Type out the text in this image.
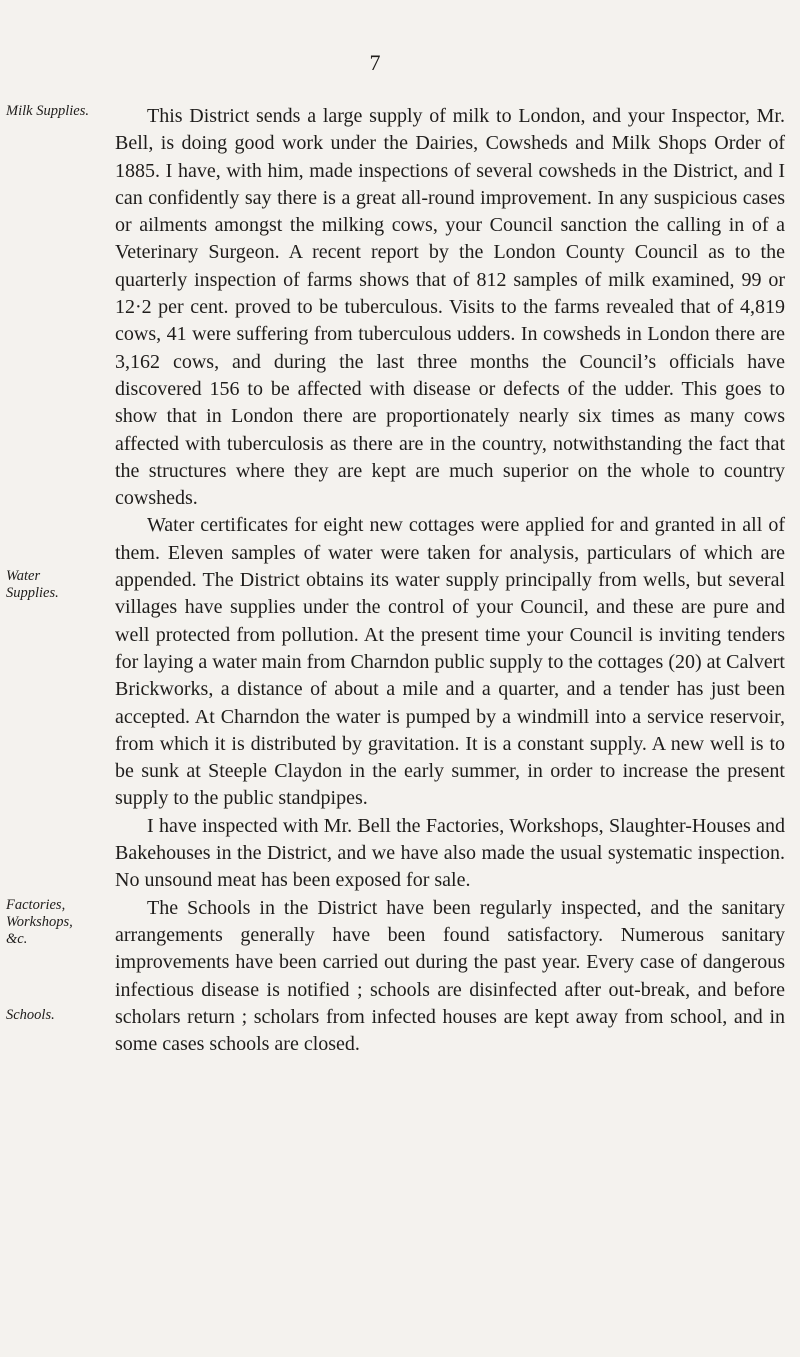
7
Milk Supplies.
Water Supplies.
Factories, Workshops, &c.
Schools.

This District sends a large supply of milk to London, and your Inspector, Mr. Bell, is doing good work under the Dairies, Cowsheds and Milk Shops Order of 1885. I have, with him, made inspections of several cowsheds in the District, and I can confidently say there is a great all-round improvement. In any suspicious cases or ailments amongst the milking cows, your Council sanction the calling in of a Veterinary Surgeon. A recent report by the London County Council as to the quarterly inspection of farms shows that of 812 samples of milk examined, 99 or 12·2 per cent. proved to be tuberculous. Visits to the farms revealed that of 4,819 cows, 41 were suffering from tuberculous udders. In cowsheds in London there are 3,162 cows, and during the last three months the Council’s officials have discovered 156 to be affected with disease or defects of the udder. This goes to show that in London there are proportionately nearly six times as many cows affected with tuberculosis as there are in the country, notwithstanding the fact that the structures where they are kept are much superior on the whole to country cowsheds.

Water certificates for eight new cottages were applied for and granted in all of them. Eleven samples of water were taken for analysis, particulars of which are appended. The District obtains its water supply principally from wells, but several villages have supplies under the control of your Council, and these are pure and well protected from pollution. At the present time your Council is inviting tenders for laying a water main from Charndon public supply to the cottages (20) at Calvert Brickworks, a distance of about a mile and a quarter, and a tender has just been accepted. At Charndon the water is pumped by a windmill into a service reservoir, from which it is distributed by gravitation. It is a constant supply. A new well is to be sunk at Steeple Claydon in the early summer, in order to increase the present supply to the public standpipes.

I have inspected with Mr. Bell the Factories, Workshops, Slaughter-Houses and Bakehouses in the District, and we have also made the usual systematic inspection. No unsound meat has been exposed for sale.

The Schools in the District have been regularly inspected, and the sanitary arrangements generally have been found satisfactory. Numerous sanitary improvements have been carried out during the past year. Every case of dangerous infectious disease is notified ; schools are disinfected after out-break, and before scholars return ; scholars from infected houses are kept away from school, and in some cases schools are closed.
